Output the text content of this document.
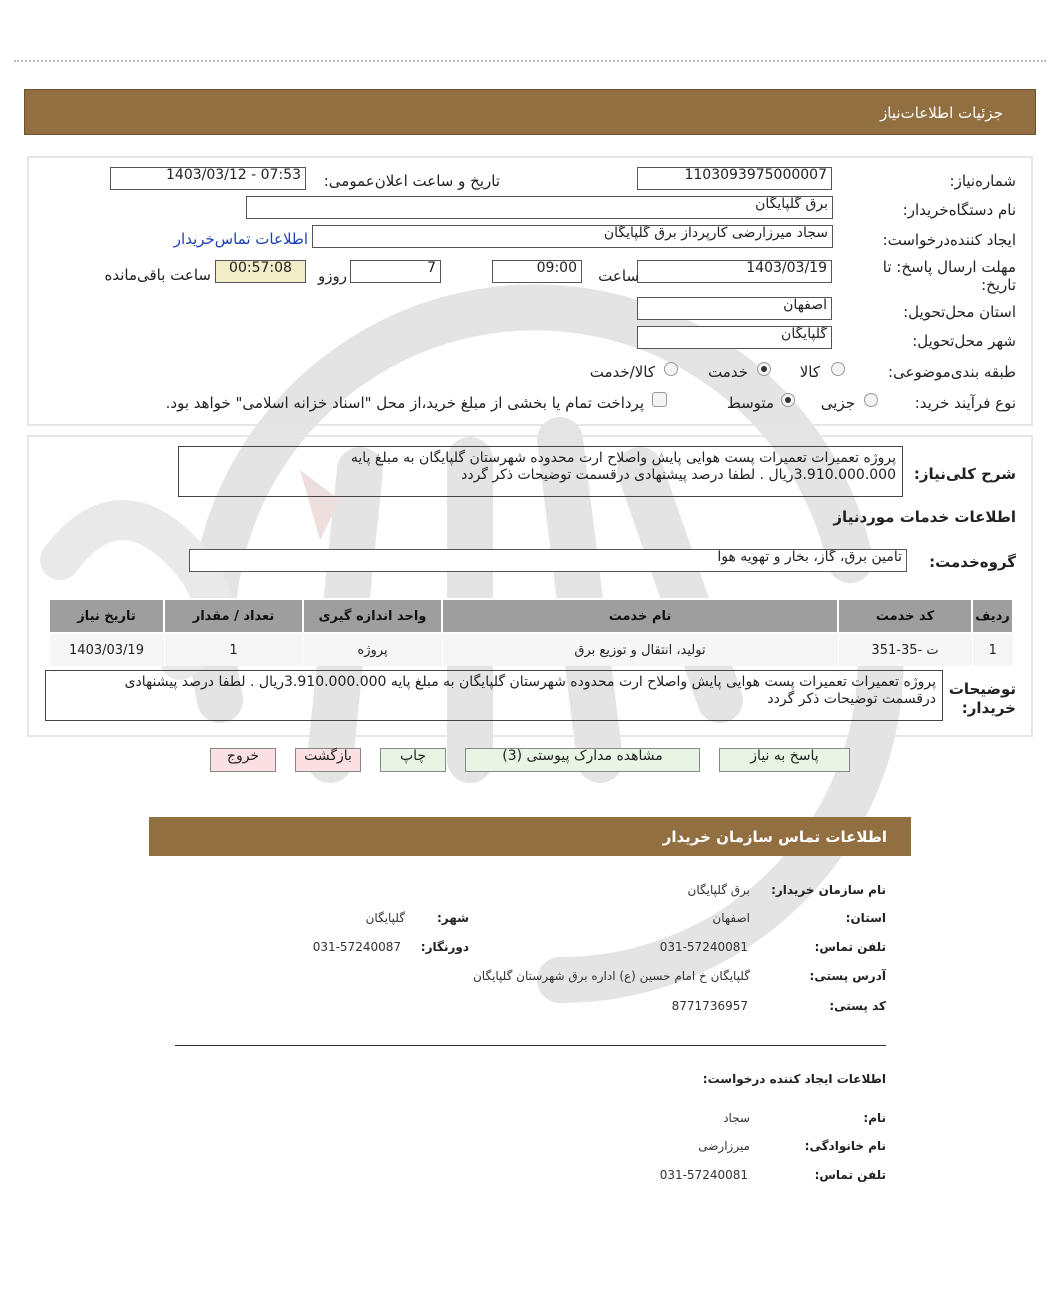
جزئیات اطلاعات‌نیاز
شماره‌نیاز:
1103093975000007
تاریخ و ساعت اعلان‌عمومی:
1403/03/12 - 07:53
نام دستگاه‌خریدار:
برق گلپایگان
ایجاد کننده‌درخواست:
سجاد میرزارضی کارپرداز برق گلپایگان
اطلاعات تماس‌خریدار
مهلت ارسال پاسخ: تا تاریخ:
1403/03/19
ساعت
09:00
7
روزو
00:57:08
ساعت باقی‌مانده
استان محل‌تحویل:
اصفهان
شهر محل‌تحویل:
گلپایگان
طبقه بندی‌موضوعی:
کالا
خدمت
کالا/خدمت
نوع فرآیند خرید:
جزیی
متوسط
پرداخت تمام یا بخشی از مبلغ خرید،از محل "اسناد خزانه اسلامی" خواهد بود.
شرح کلی‌نیاز:
پروژه تعمیرات تعمیرات پست هوایی پایش واصلاح ارت محدوده شهرستان گلپایگان به مبلغ پایه
3.910.000.000ریال . لطفا درصد پیشنهادی درقسمت توضیحات ذکر گردد
اطلاعات خدمات موردنیاز
گروه‌خدمت:
تامین برق، گاز، بخار و تهویه هوا
ردیف	کد خدمت	نام خدمت	واحد اندازه گیری	تعداد / مقدار	تاریخ نیاز
1	ت -35-351	تولید، انتقال و توزیع برق	پروژه	1	1403/03/19
توضیحات خریدار:
پروژه تعمیرات تعمیرات پست هوایی پایش واصلاح ارت محدوده شهرستان گلپایگان به مبلغ پایه 3.910.000.000ریال . لطفا درصد پیشنهادی
درقسمت توضیحات ذکر گردد
پاسخ به نیاز
مشاهده مدارک پیوستی (3)
چاپ
بازگشت
خروج
اطلاعات تماس سازمان خریدار
نام سازمان خریدار:
برق گلپایگان
استان:
اصفهان
شهر:
گلپایگان
تلفن تماس:
031-57240081
دورنگار:
031-57240087
آدرس پستی:
گلپایگان خ امام حسین (ع) اداره برق شهرستان گلپایگان
کد پستی:
8771736957
اطلاعات ایجاد کننده درخواست:
نام:
سجاد
نام خانوادگی:
میرزارضی
تلفن تماس:
031-57240081
